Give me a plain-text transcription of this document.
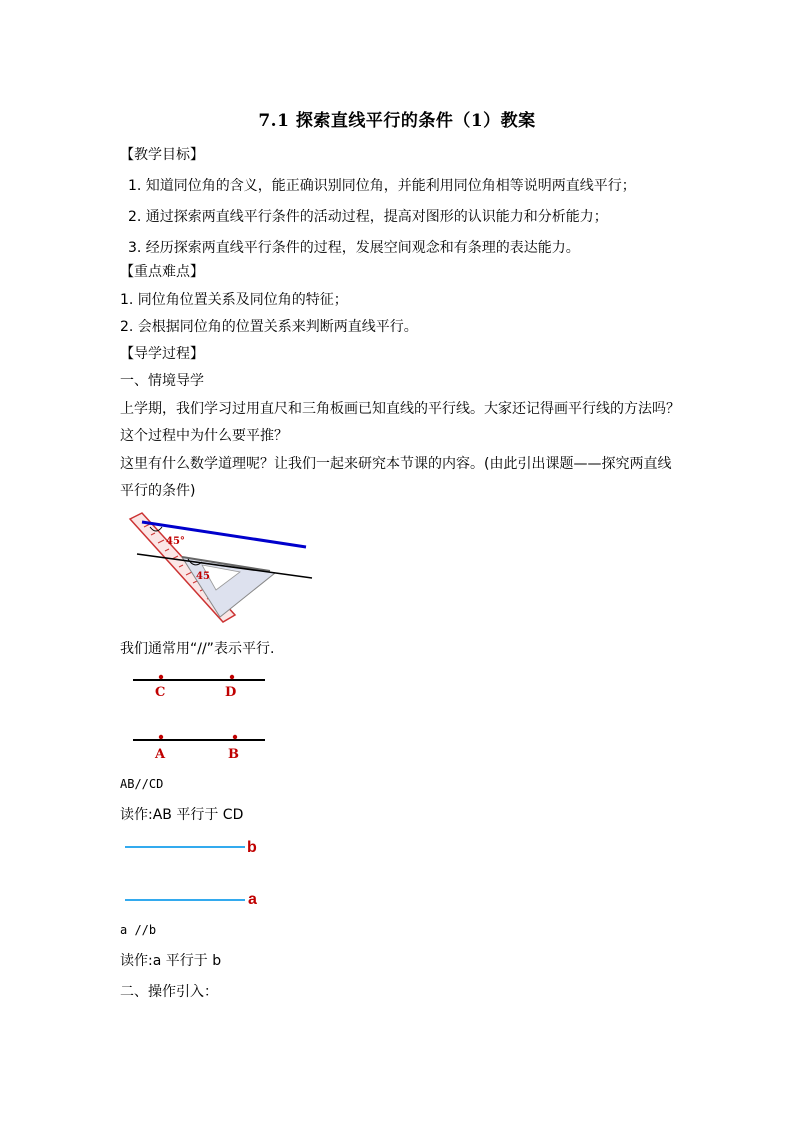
7.1 探索直线平行的条件（1）教案
【教学目标】
1. 知道同位角的含义，能正确识别同位角，并能利用同位角相等说明两直线平行；
2. 通过探索两直线平行条件的活动过程，提高对图形的认识能力和分析能力；
3. 经历探索两直线平行条件的过程，发展空间观念和有条理的表达能力。
【重点难点】
1. 同位角位置关系及同位角的特征；
2. 会根据同位角的位置关系来判断两直线平行。
【导学过程】
一、情境导学
上学期，我们学习过用直尺和三角板画已知直线的平行线。大家还记得画平行线的方法吗？
这个过程中为什么要平推？
这里有什么数学道理呢？让我们一起来研究本节课的内容。(由此引出课题——探究两直线
平行的条件)
45°
45
我们通常用“//”表示平行.
C	D
A	B
AB//CD
读作:AB 平行于 CD
b
a
a //b
读作:a 平行于 b
二、操作引入：
